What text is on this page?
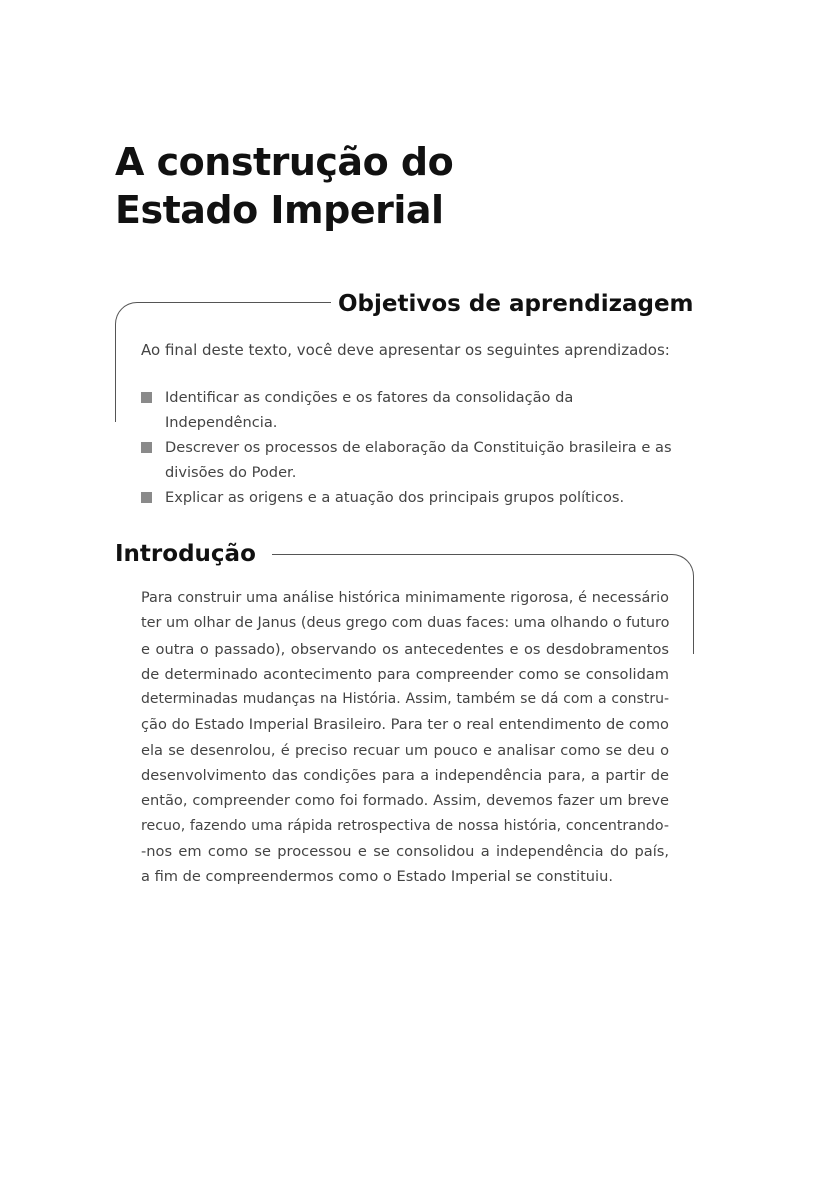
A construção do
Estado Imperial
Objetivos de aprendizagem

Ao final deste texto, você deve apresentar os seguintes aprendizados:

Identificar as condições e os fatores da consolidação da Independência.
Descrever os processos de elaboração da Constituição brasileira e as divisões do Poder.
Explicar as origens e a atuação dos principais grupos políticos.
Introdução
Para construir uma análise histórica minimamente rigorosa, é necessário
ter um olhar de Janus (deus grego com duas faces: uma olhando o futuro
e outra o passado), observando os antecedentes e os desdobramentos
de determinado acontecimento para compreender como se consolidam
determinadas mudanças na História. Assim, também se dá com a constru-
ção do Estado Imperial Brasileiro. Para ter o real entendimento de como
ela se desenrolou, é preciso recuar um pouco e analisar como se deu o
desenvolvimento das condições para a independência para, a partir de
então, compreender como foi formado. Assim, devemos fazer um breve
recuo, fazendo uma rápida retrospectiva de nossa história, concentrando-
-nos em como se processou e se consolidou a independência do país,
a fim de compreendermos como o Estado Imperial se constituiu.
